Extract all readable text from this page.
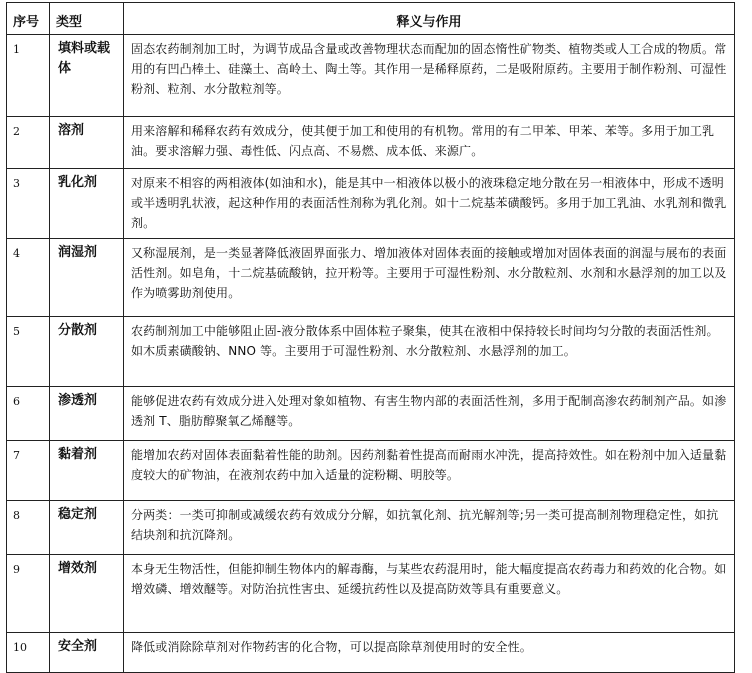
序号	类型	释义与作用
1	填料或载体	固态农药制剂加工时，为调节成品含量或改善物理状态而配加的固态惰性矿物类、植物类或人工合成的物质。常用的有凹凸棒土、硅藻土、高岭土、陶土等。其作用一是稀释原药，二是吸附原药。主要用于制作粉剂、可湿性粉剂、粒剂、水分散粒剂等。
2	溶剂	用来溶解和稀释农药有效成分，使其便于加工和使用的有机物。常用的有二甲苯、甲苯、苯等。多用于加工乳油。要求溶解力强、毒性低、闪点高、不易燃、成本低、来源广。
3	乳化剂	对原来不相容的两相液体(如油和水)，能是其中一相液体以极小的液珠稳定地分散在另一相液体中，形成不透明或半透明乳状液，起这种作用的表面活性剂称为乳化剂。如十二烷基苯磺酸钙。多用于加工乳油、水乳剂和微乳剂。
4	润湿剂	又称湿展剂，是一类显著降低液固界面张力、增加液体对固体表面的接触或增加对固体表面的润湿与展布的表面活性剂。如皂角，十二烷基硫酸钠，拉开粉等。主要用于可湿性粉剂、水分散粒剂、水剂和水悬浮剂的加工以及作为喷雾助剂使用。
5	分散剂	农药制剂加工中能够阻止固-液分散体系中固体粒子聚集，使其在液相中保持较长时间均匀分散的表面活性剂。如木质素磺酸钠、NNO 等。主要用于可湿性粉剂、水分散粒剂、水悬浮剂的加工。
6	渗透剂	能够促进农药有效成分进入处理对象如植物、有害生物内部的表面活性剂，多用于配制高渗农药制剂产品。如渗透剂 T、脂肪醇聚氧乙烯醚等。
7	黏着剂	能增加农药对固体表面黏着性能的助剂。因药剂黏着性提高而耐雨水冲洗，提高持效性。如在粉剂中加入适量黏度较大的矿物油，在液剂农药中加入适量的淀粉糊、明胶等。
8	稳定剂	分两类：一类可抑制或减缓农药有效成分分解，如抗氧化剂、抗光解剂等;另一类可提高制剂物理稳定性，如抗结块剂和抗沉降剂。
9	增效剂	本身无生物活性，但能抑制生物体内的解毒酶，与某些农药混用时，能大幅度提高农药毒力和药效的化合物。如增效磷、增效醚等。对防治抗性害虫、延缓抗药性以及提高防效等具有重要意义。
10	安全剂	降低或消除除草剂对作物药害的化合物，可以提高除草剂使用时的安全性。
